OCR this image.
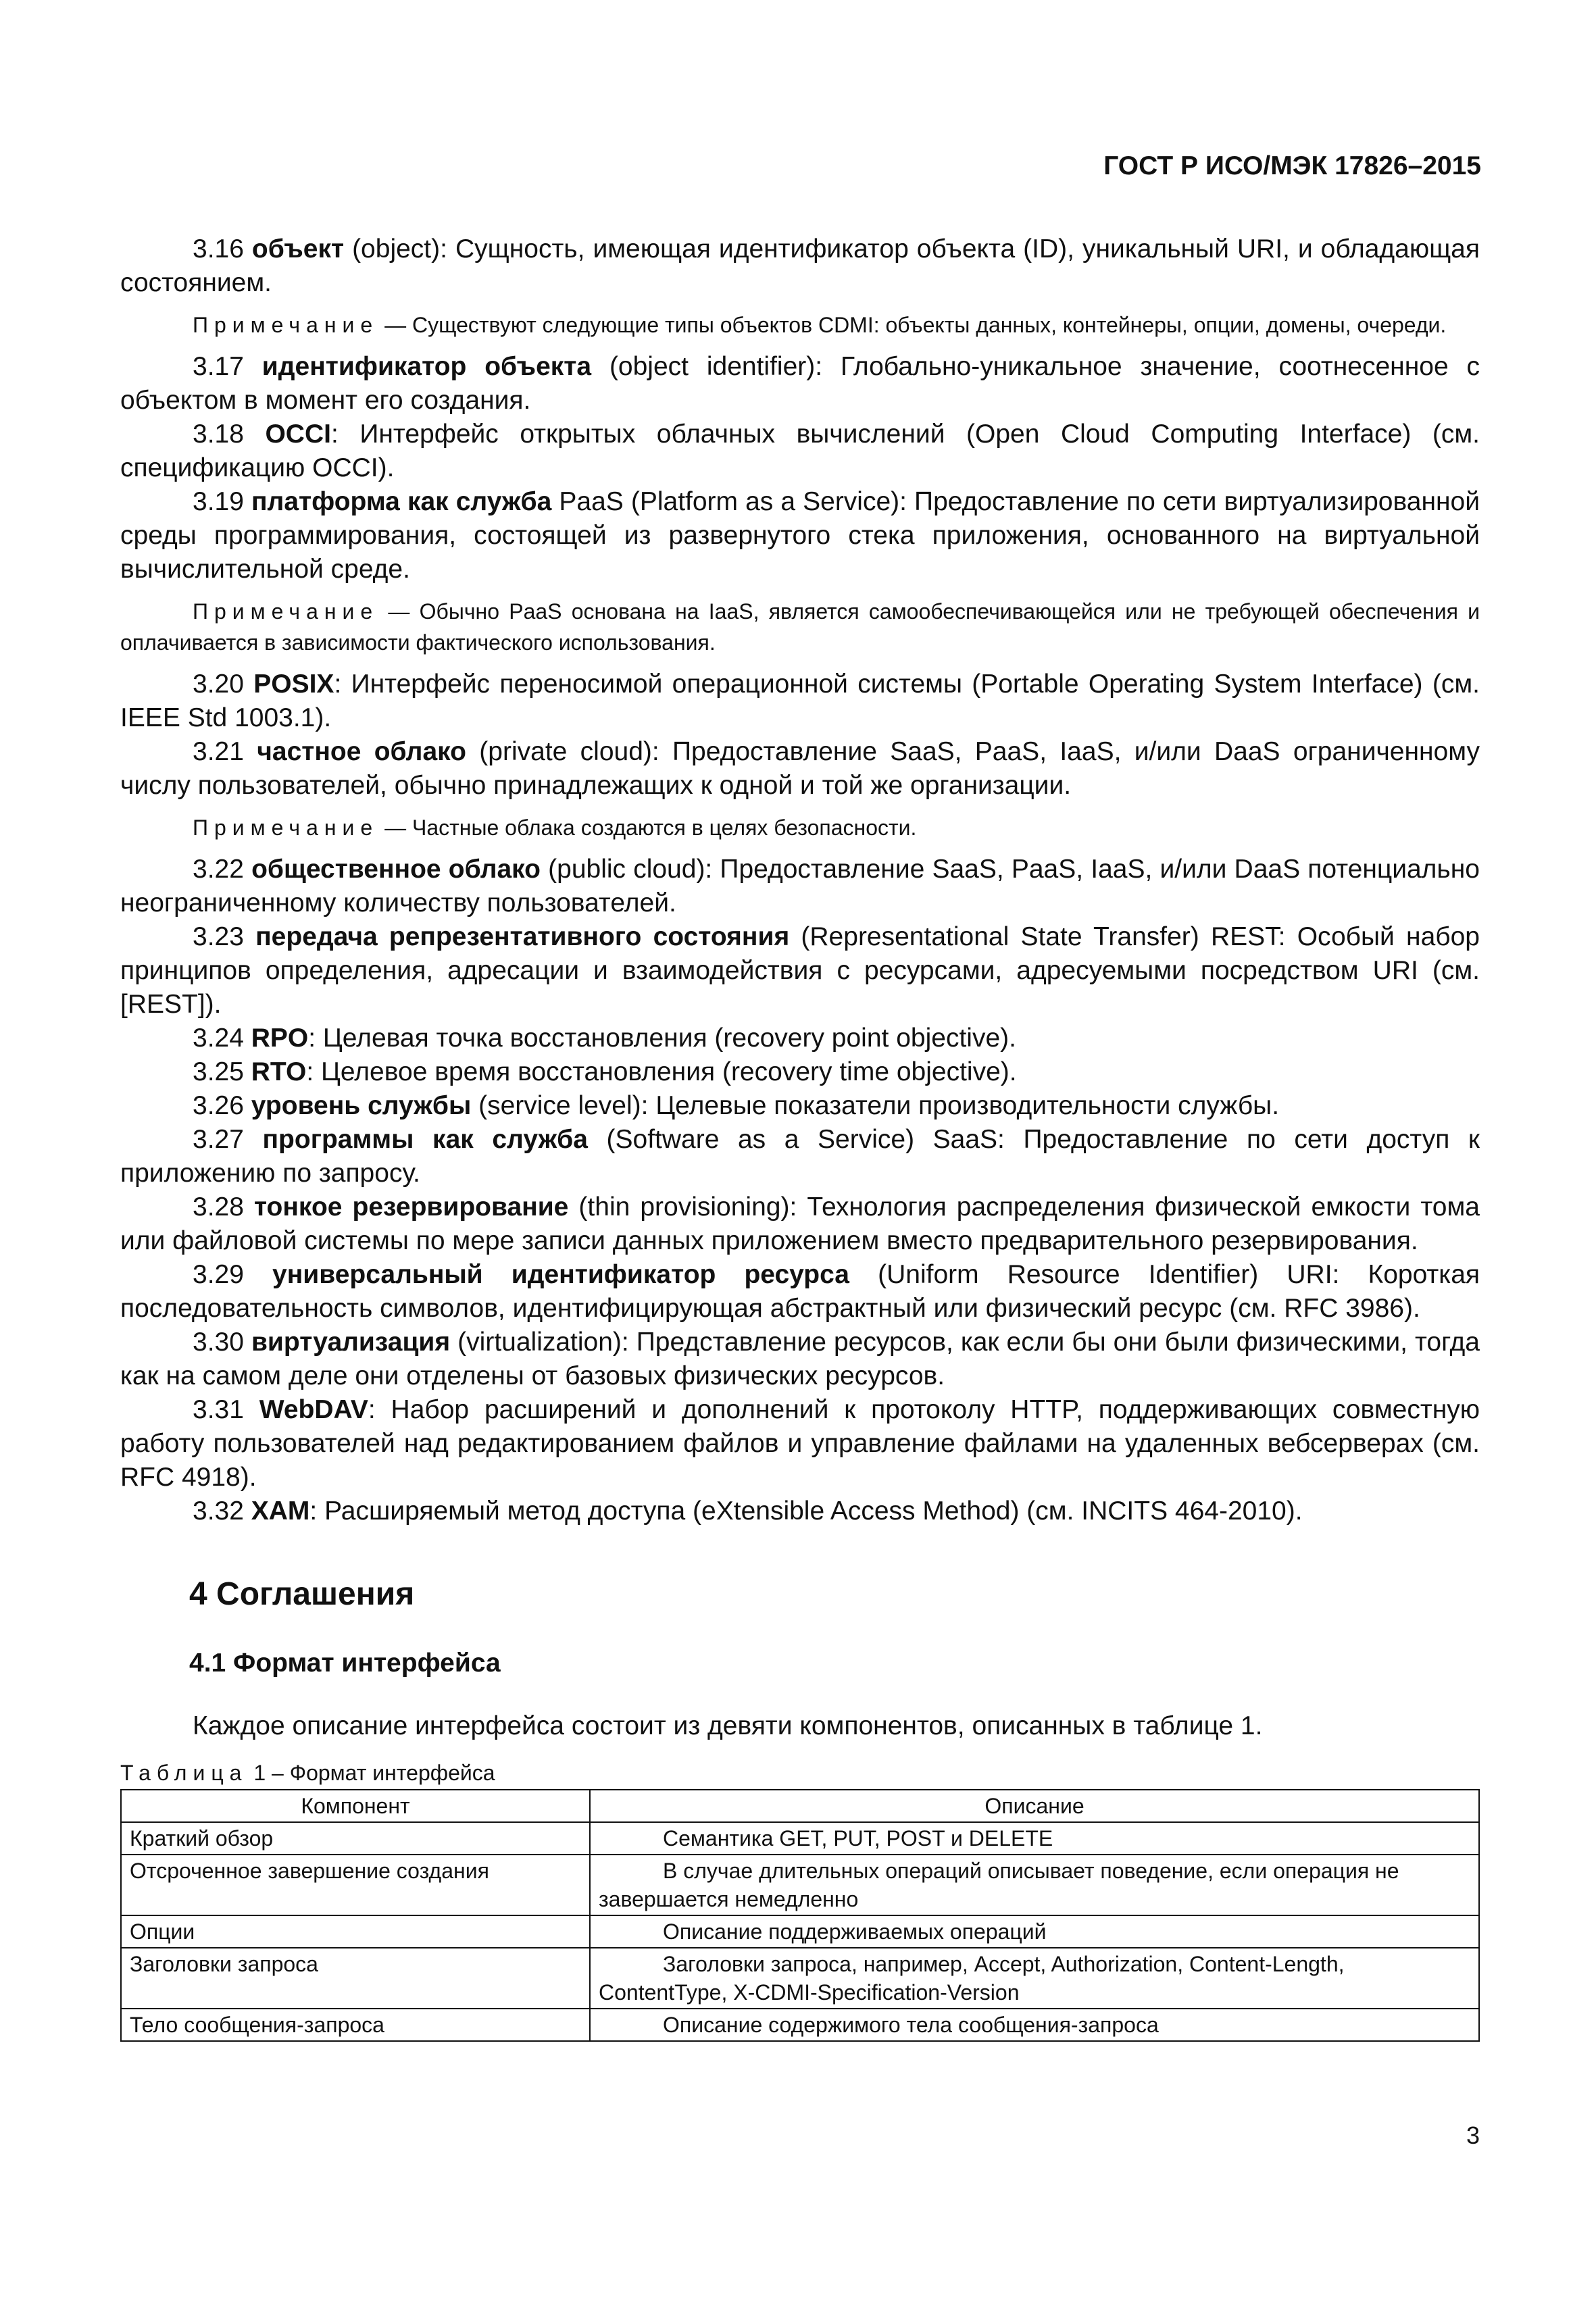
ГОСТ Р ИСО/МЭК 17826–2015

3.16 объект (object): Сущность, имеющая идентификатор объекта (ID), уникальный URI, и обладающая состоянием.

Примечание — Существуют следующие типы объектов CDMI: объекты данных, контейнеры, опции, домены, очереди.

3.17 идентификатор объекта (object identifier): Глобально-уникальное значение, соотнесенное с объектом в момент его создания.

3.18 OCCI: Интерфейс открытых облачных вычислений (Open Cloud Computing Interface) (см. спецификацию OCCI).

3.19 платформа как служба PaaS (Platform as a Service): Предоставление по сети виртуализированной среды программирования, состоящей из развернутого стека приложения, основанного на виртуальной вычислительной среде.

Примечание — Обычно PaaS основана на IaaS, является самообеспечивающейся или не требующей обеспечения и оплачивается в зависимости фактического использования.

3.20 POSIX: Интерфейс переносимой операционной системы (Portable Operating System Interface) (см. IEEE Std 1003.1).

3.21 частное облако (private cloud): Предоставление SaaS, PaaS, IaaS, и/или DaaS ограниченному числу пользователей, обычно принадлежащих к одной и той же организации.

Примечание — Частные облака создаются в целях безопасности.

3.22 общественное облако (public cloud): Предоставление SaaS, PaaS, IaaS, и/или DaaS потенциально неограниченному количеству пользователей.

3.23 передача репрезентативного состояния (Representational State Transfer) REST: Особый набор принципов определения, адресации и взаимодействия с ресурсами, адресуемыми посредством URI (см. [REST]).

3.24 RPO: Целевая точка восстановления (recovery point objective).

3.25 RTO: Целевое время восстановления (recovery time objective).

3.26 уровень службы (service level): Целевые показатели производительности службы.

3.27 программы как служба (Software as a Service) SaaS: Предоставление по сети доступ к приложению по запросу.

3.28 тонкое резервирование (thin provisioning): Технология распределения физической емкости тома или файловой системы по мере записи данных приложением вместо предварительного резервирования.

3.29 универсальный идентификатор ресурса (Uniform Resource Identifier) URI: Короткая последовательность символов, идентифицирующая абстрактный или физический ресурс (см. RFC 3986).

3.30 виртуализация (virtualization): Представление ресурсов, как если бы они были физическими, тогда как на самом деле они отделены от базовых физических ресурсов.

3.31 WebDAV: Набор расширений и дополнений к протоколу HTTP, поддерживающих совместную работу пользователей над редактированием файлов и управление файлами на удаленных вебсерверах (см. RFC 4918).

3.32 XAM: Расширяемый метод доступа (eXtensible Access Method) (см. INCITS 464-2010).

4 Соглашения
4.1 Формат интерфейса

Каждое описание интерфейса состоит из девяти компонентов, описанных в таблице 1.

Таблица 1 – Формат интерфейса
Компонент	Описание
Краткий обзор	Семантика GET, PUT, POST и DELETE
Отсроченное завершение создания	В случае длительных операций описывает поведение, если операция не завершается немедленно
Опции	Описание поддерживаемых операций
Заголовки запроса	Заголовки запроса, например, Accept, Authorization, Content-Length, ContentType, X-CDMI-Specification-Version
Тело сообщения-запроса	Описание содержимого тела сообщения-запроса
3
